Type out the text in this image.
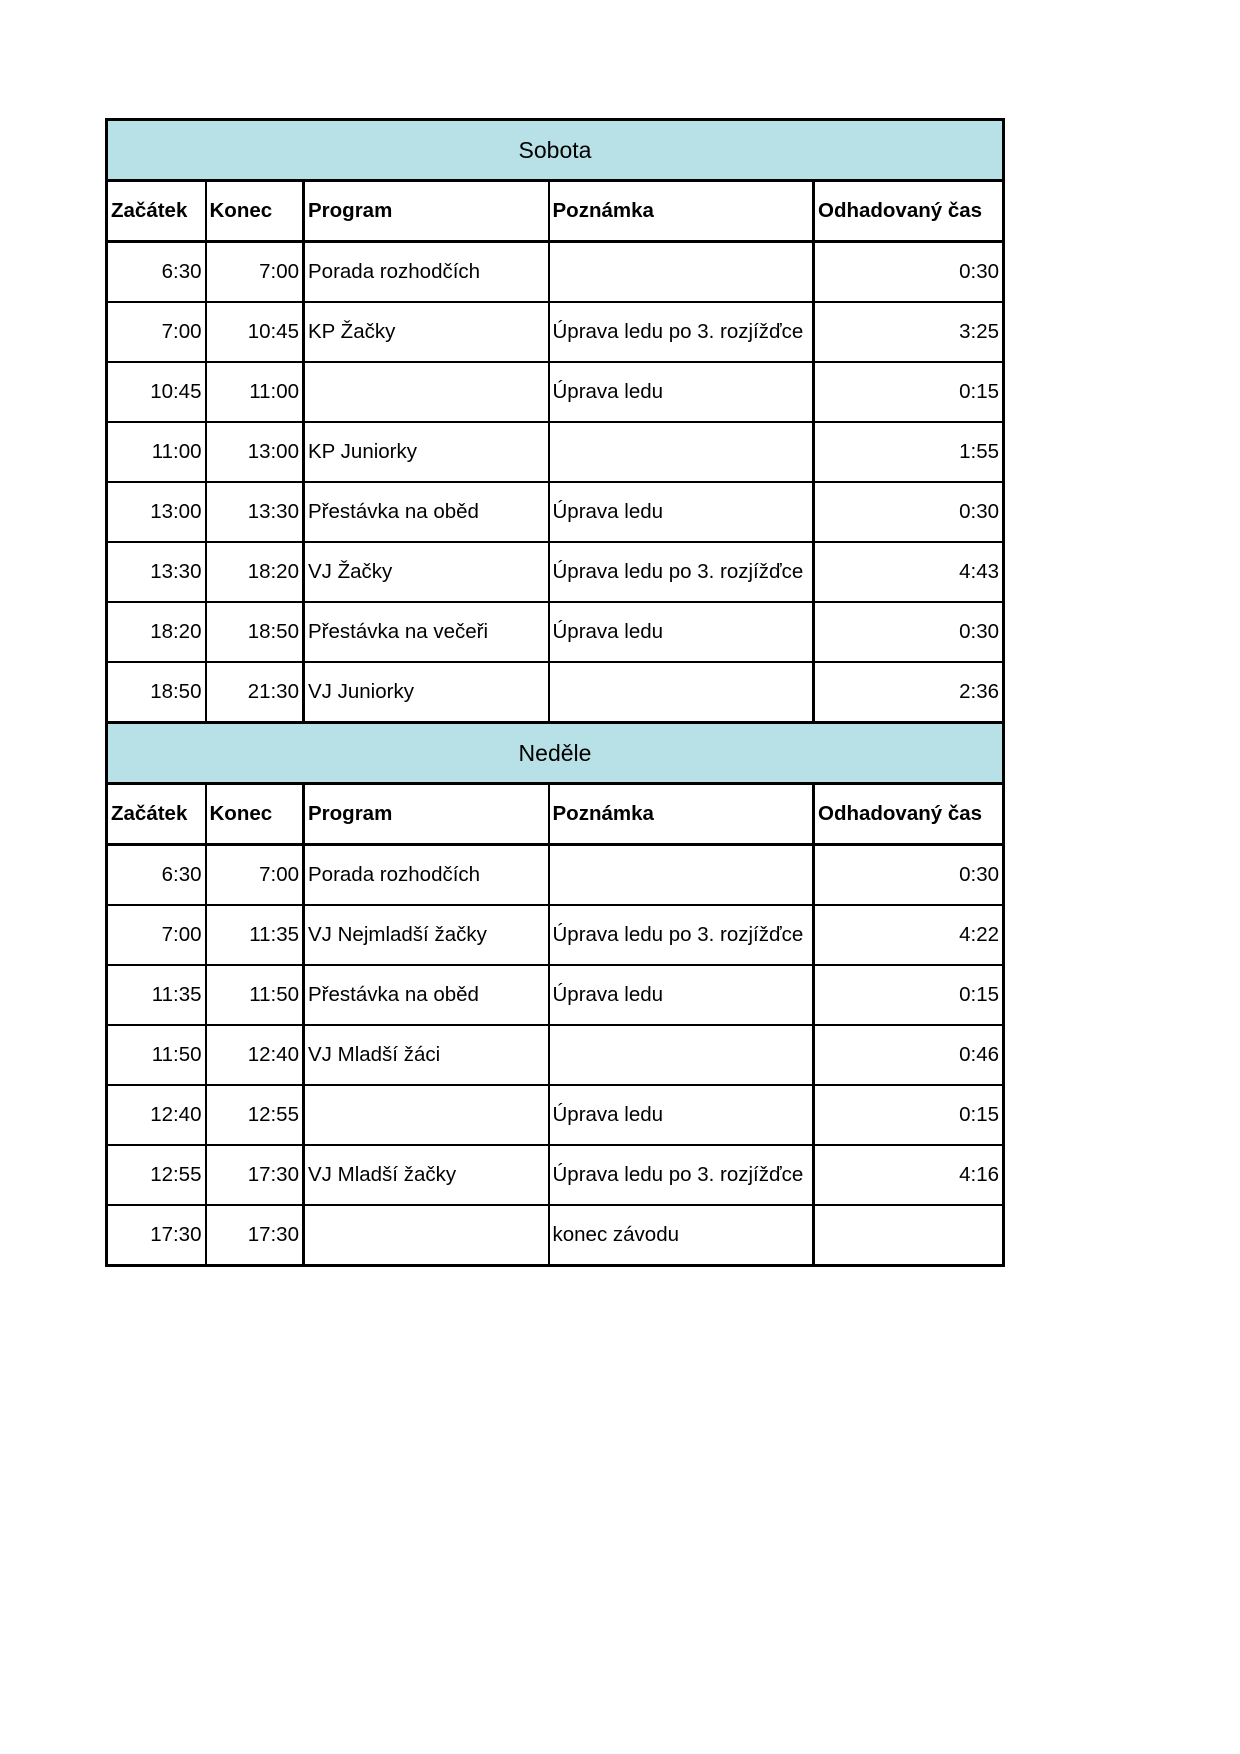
Sobota				
Začátek	Konec	Program	Poznámka	Odhadovaný čas
6:30	7:00	Porada rozhodčích		0:30
7:00	10:45	KP Žačky	Úprava ledu po 3. rozjížďce	3:25
10:45	11:00		Úprava ledu	0:15
11:00	13:00	KP Juniorky		1:55
13:00	13:30	Přestávka na oběd	Úprava ledu	0:30
13:30	18:20	VJ Žačky	Úprava ledu po 3. rozjížďce	4:43
18:20	18:50	Přestávka na večeři	Úprava ledu	0:30
18:50	21:30	VJ Juniorky		2:36
Neděle				
Začátek	Konec	Program	Poznámka	Odhadovaný čas
6:30	7:00	Porada rozhodčích		0:30
7:00	11:35	VJ Nejmladší žačky	Úprava ledu po 3. rozjížďce	4:22
11:35	11:50	Přestávka na oběd	Úprava ledu	0:15
11:50	12:40	VJ Mladší žáci		0:46
12:40	12:55		Úprava ledu	0:15
12:55	17:30	VJ Mladší žačky	Úprava ledu po 3. rozjížďce	4:16
17:30	17:30		konec závodu	
